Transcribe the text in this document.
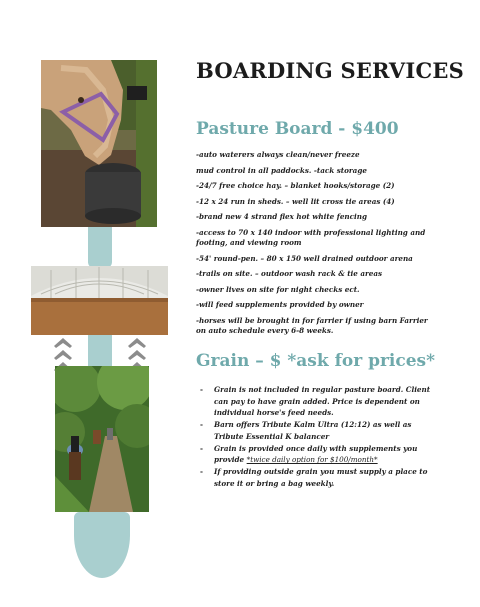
BOARDING SERVICES
Pasture Board - $400
-auto waterers always clean/never freeze
mud control in all paddocks. -tack storage
-24/7 free choice hay. – blanket hooks/storage (2)
-12 x 24 run in sheds. – well lit cross tie areas (4)
-brand new 4 strand flex hot white fencing
-access to 70 x 140 indoor with professional lighting and footing, and viewing room
-54' round-pen. – 80 x 150 well drained outdoor arena
-trails on site. – outdoor wash rack & tie areas
-owner lives on site for night checks ect.
-will feed supplements provided by owner
-horses will be brought in for farrier if using barn Farrier on auto schedule every 6-8 weeks.
Grain – $ *ask for prices*
- Grain is not included in regular pasture board. Client can pay to have grain added. Price is dependent on individual horse's feed needs.
- Barn offers Tribute Kalm Ultra (12:12) as well as Tribute Essential K balancer
- Grain is provided once daily with supplements you provide *twice daily option for $100/month*
- If providing outside grain you must supply a place to store it or bring a bag weekly.
